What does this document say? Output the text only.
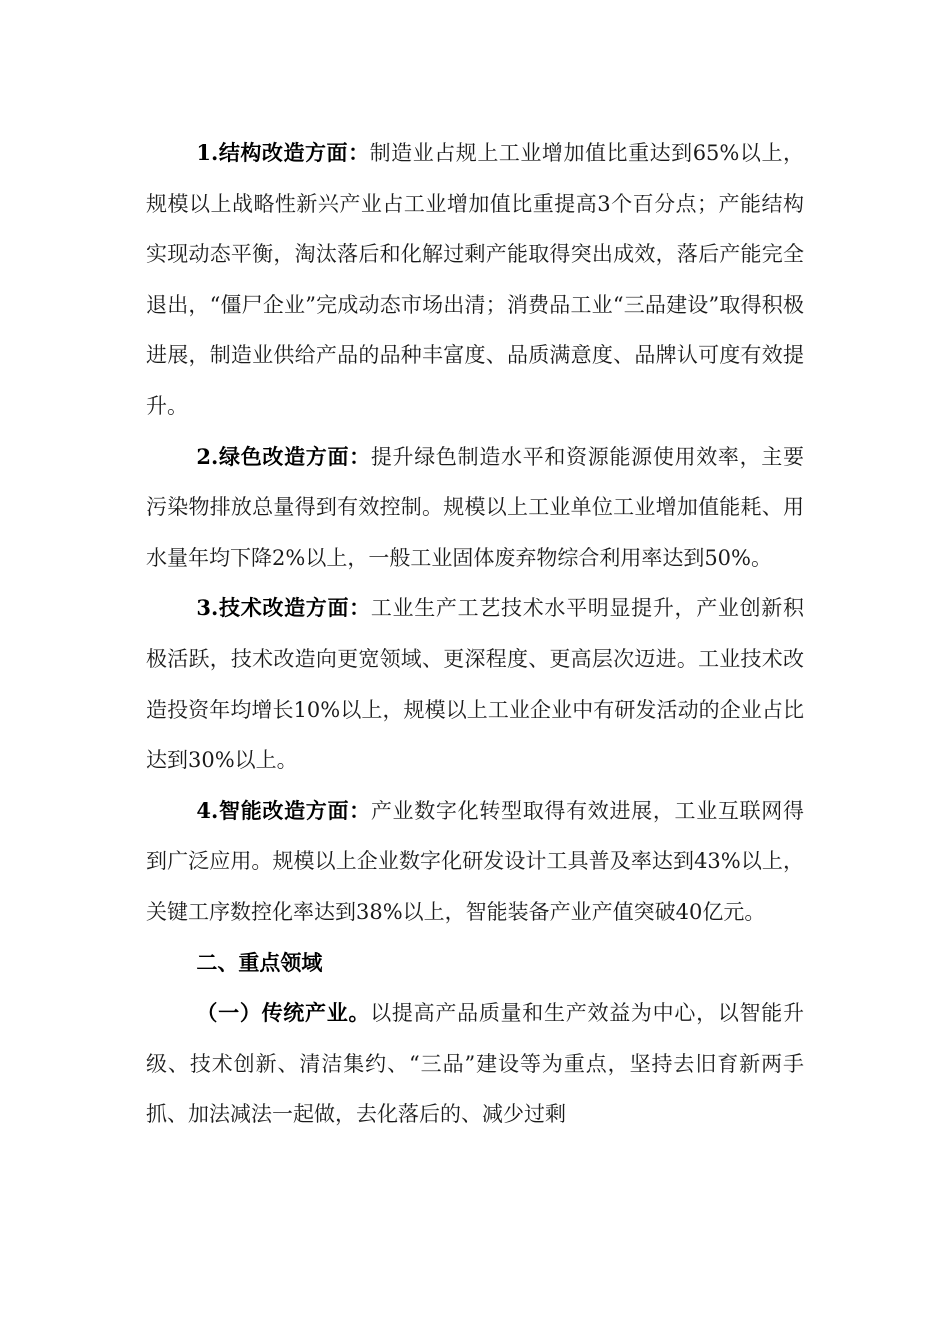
1.结构改造方面：制造业占规上工业增加值比重达到65%以上，规模以上战略性新兴产业占工业增加值比重提高3个百分点；产能结构实现动态平衡，淘汰落后和化解过剩产能取得突出成效，落后产能完全退出，“僵尸企业”完成动态市场出清；消费品工业“三品建设”取得积极进展，制造业供给产品的品种丰富度、品质满意度、品牌认可度有效提升。

2.绿色改造方面：提升绿色制造水平和资源能源使用效率，主要污染物排放总量得到有效控制。规模以上工业单位工业增加值能耗、用水量年均下降2%以上，一般工业固体废弃物综合利用率达到50%。

3.技术改造方面：工业生产工艺技术水平明显提升，产业创新积极活跃，技术改造向更宽领域、更深程度、更高层次迈进。工业技术改造投资年均增长10%以上，规模以上工业企业中有研发活动的企业占比达到30%以上。

4.智能改造方面：产业数字化转型取得有效进展，工业互联网得到广泛应用。规模以上企业数字化研发设计工具普及率达到43%以上，关键工序数控化率达到38%以上，智能装备产业产值突破40亿元。

二、重点领域

（一）传统产业。以提高产品质量和生产效益为中心，以智能升级、技术创新、清洁集约、“三品”建设等为重点，坚持去旧育新两手抓、加法减法一起做，去化落后的、减少过剩
